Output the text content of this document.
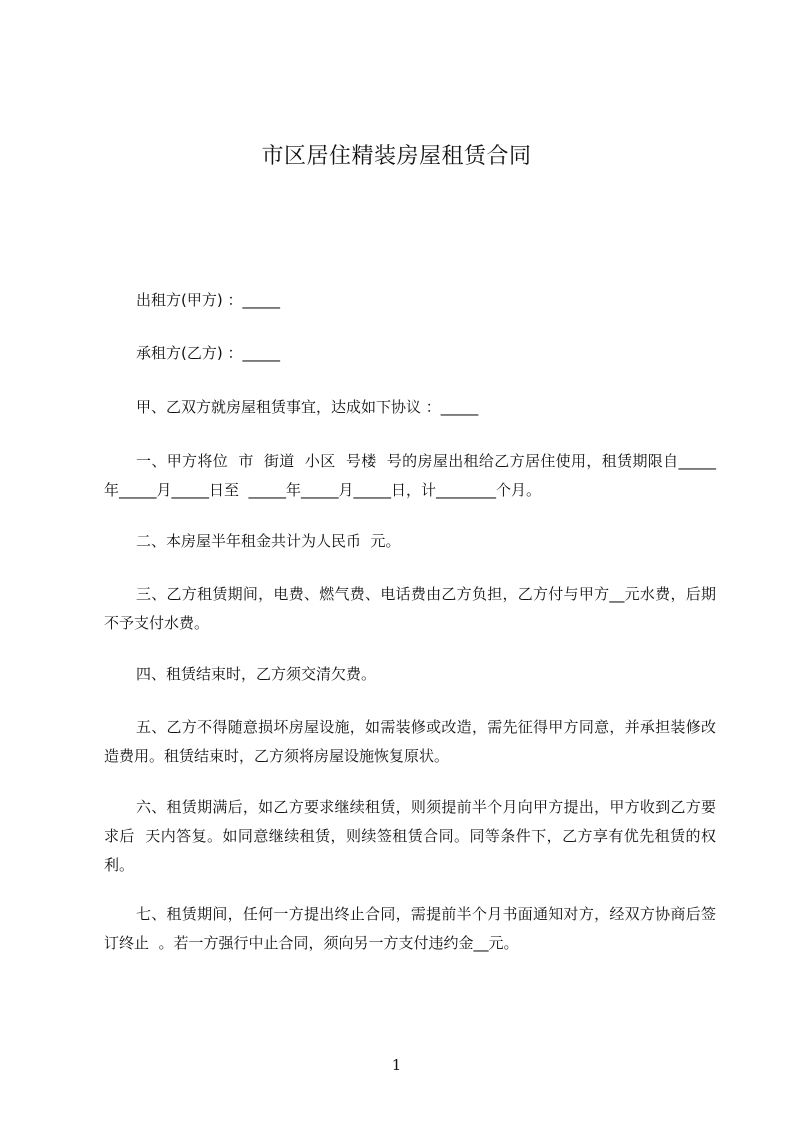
市区居住精装房屋租赁合同

出租方(甲方) ：_____

承租方(乙方) ：_____

甲、乙双方就房屋租赁事宜，达成如下协议 ：_____

一、甲方将位  市  街道  小区  号楼  号的房屋出租给乙方居住使用，租赁期限自_____年_____月_____日至  _____年_____月_____日，计________个月。

二、本房屋半年租金共计为人民币  元。

三、乙方租赁期间，电费、燃气费、电话费由乙方负担，乙方付与甲方__元水费，后期不予支付水费。

四、租赁结束时，乙方须交清欠费。

五、乙方不得随意损坏房屋设施，如需装修或改造，需先征得甲方同意，并承担装修改造费用。租赁结束时，乙方须将房屋设施恢复原状。

六、租赁期满后，如乙方要求继续租赁，则须提前半个月向甲方提出，甲方收到乙方要求后  天内答复。如同意继续租赁，则续签租赁合同。同等条件下，乙方享有优先租赁的权利。

七、租赁期间，任何一方提出终止合同，需提前半个月书面通知对方，经双方协商后签订终止  。若一方强行中止合同，须向另一方支付违约金__元。

1
